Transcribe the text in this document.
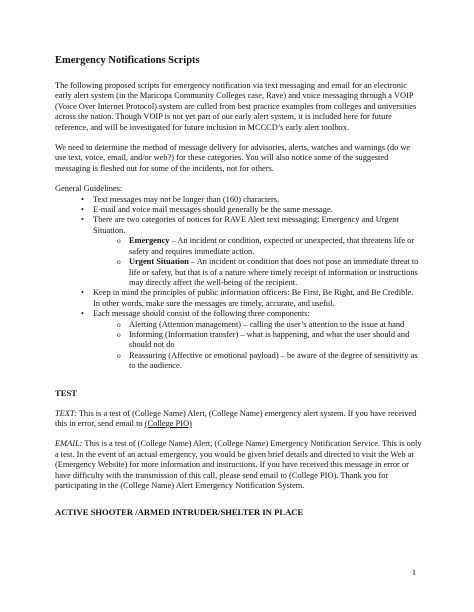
Emergency Notifications Scripts

The following proposed scripts for emergency notification via text messaging and email for an electronic early alert system (in the Maricopa Community Colleges case, Rave) and voice messaging through a VOIP (Voice Over Internet Protocol) system are culled from best practice examples from colleges and universities across the nation. Though VOIP is not yet part of our early alert system, it is included here for future reference, and will be investigated for future inclusion in MCCCD’s early alert toolbox.

We need to determine the method of message delivery for advisories, alerts, watches and warnings (do we use text, voice, email, and/or web?) for these categories. You will also notice some of the suggested messaging is fleshed out for some of the incidents, not for others.

General Guidelines:

• Text messages may not be longer than (160) characters.
• E-mail and voice mail messages should generally be the same message.
• There are two categories of notices for RAVE Alert text messaging: Emergency and Urgent Situation.
o Emergency – An incident or condition, expected or unexpected, that threatens life or safety and requires immediate action.
o Urgent Situation – An incident or condition that does not pose an immediate threat to life or safety, but that is of a nature where timely receipt of information or instructions may directly affect the well-being of the recipient.
• Keep in mind the principles of public information officers: Be First, Be Right, and Be Credible. In other words, make sure the messages are timely, accurate, and useful.
• Each message should consist of the following three components:
o Alerting (Attention management) – calling the user’s attention to the issue at hand
o Informing (Information transfer) – what is happening, and what the user should and should not do
o Reassuring (Affective or emotional payload) – be aware of the degree of sensitivity as to the audience.
TEST

TEXT: This is a test of (College Name) Alert, (College Name) emergency alert system. If you have received this in error, send email to (College PIO)

EMAIL: This is a test of (College Name) Alert, (College Name) Emergency Notification Service. This is only a test. In the event of an actual emergency, you would be given brief details and directed to visit the Web at (Emergency Website) for more information and instructions. If you have received this message in error or have difficulty with the transmission of this call, please send email to (College PIO). Thank you for participating in the (College Name) Alert Emergency Notification System.

ACTIVE SHOOTER /ARMED INTRUDER/SHELTER IN PLACE
1
